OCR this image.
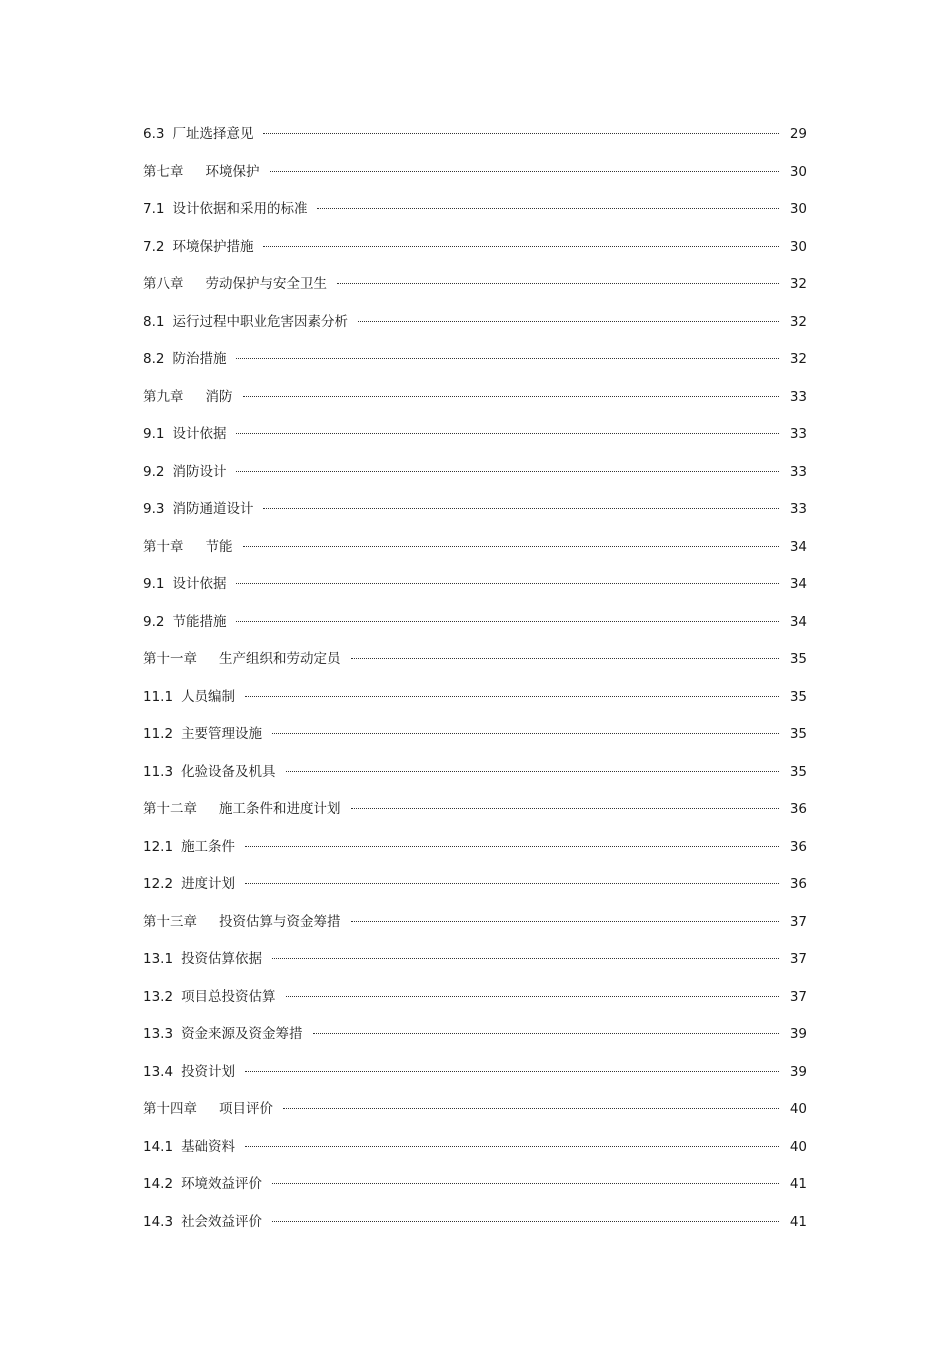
6.3 厂址选择意见	29
第七章 环境保护	30
7.1 设计依据和采用的标准	30
7.2 环境保护措施	30
第八章 劳动保护与安全卫生	32
8.1 运行过程中职业危害因素分析	32
8.2 防治措施	32
第九章 消防	33
9.1 设计依据	33
9.2 消防设计	33
9.3 消防通道设计	33
第十章 节能	34
9.1 设计依据	34
9.2 节能措施	34
第十一章 生产组织和劳动定员	35
11.1 人员编制	35
11.2 主要管理设施	35
11.3 化验设备及机具	35
第十二章 施工条件和进度计划	36
12.1 施工条件	36
12.2 进度计划	36
第十三章 投资估算与资金筹措	37
13.1 投资估算依据	37
13.2 项目总投资估算	37
13.3 资金来源及资金筹措	39
13.4 投资计划	39
第十四章 项目评价	40
14.1 基础资料	40
14.2 环境效益评价	41
14.3 社会效益评价	41
